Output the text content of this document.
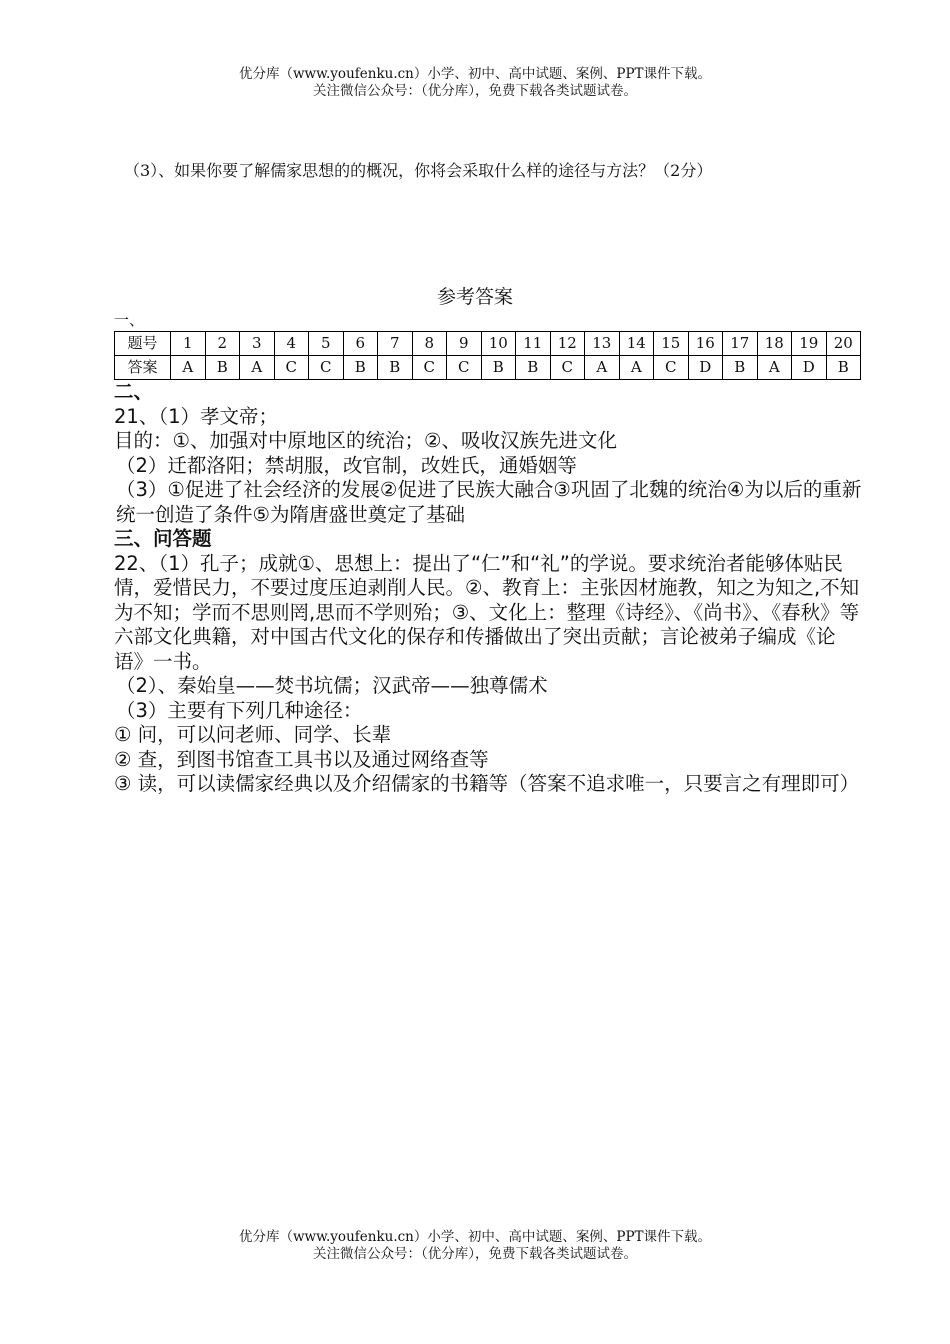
优分库（www.youfenku.cn）小学、初中、高中试题、案例、PPT课件下载。
关注微信公众号：（优分库），免费下载各类试题试卷。
（3）、如果你要了解儒家思想的的概况，你将会采取什么样的途径与方法？（2分）
参考答案
一、
题号	1	2	3	4	5	6	7	8	9	10	11	12	13	14	15	16	17	18	19	20
答案	A	B	A	C	C	B	B	C	C	B	B	C	A	A	C	D	B	A	D	B

二、

21、（1）孝文帝；

目的：①、加强对中原地区的统治；②、吸收汉族先进文化

（2）迁都洛阳；禁胡服，改官制，改姓氏，通婚姻等

（3）①促进了社会经济的发展②促进了民族大融合③巩固了北魏的统治④为以后的重新统一创造了条件⑤为隋唐盛世奠定了基础

三、问答题

22、（1）孔子；成就①、思想上：提出了“仁”和“礼”的学说。要求统治者能够体贴民情，爱惜民力，不要过度压迫剥削人民。②、教育上：主张因材施教，知之为知之,不知为不知；学而不思则罔,思而不学则殆；③、文化上：整理《诗经》、《尚书》、《春秋》等六部文化典籍，对中国古代文化的保存和传播做出了突出贡献；言论被弟子编成《论语》一书。

（2）、秦始皇——焚书坑儒；汉武帝——独尊儒术

（3）主要有下列几种途径：

① 问，可以问老师、同学、长辈

② 查，到图书馆查工具书以及通过网络查等

③ 读，可以读儒家经典以及介绍儒家的书籍等（答案不追求唯一，只要言之有理即可）

优分库（www.youfenku.cn）小学、初中、高中试题、案例、PPT课件下载。
关注微信公众号：（优分库），免费下载各类试题试卷。
